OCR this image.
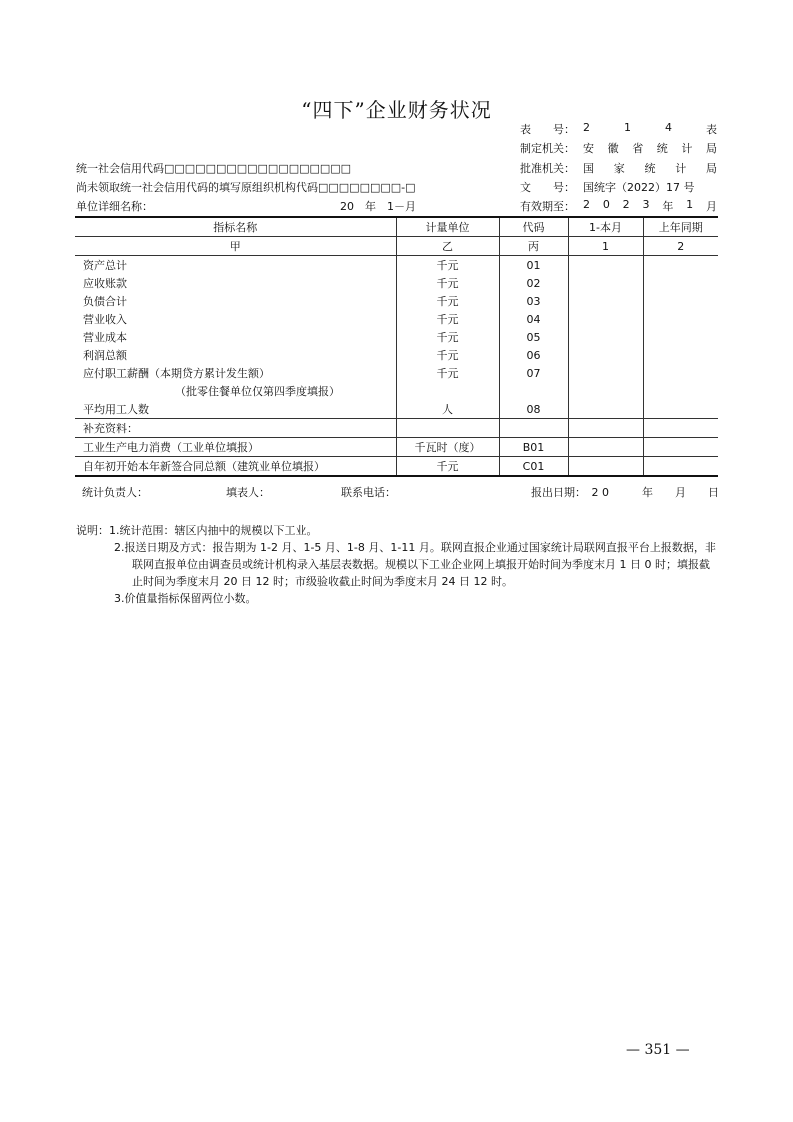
“四下”企业财务状况
表　　号： 2	1	4	表
制定机关： 安 徽 省 统 计 局
批准机关： 国 家 统 计 局
文　　号： 国统字（2022）17 号
有效期至： 2 0 2 3 年 1 月
统一社会信用代码□□□□□□□□□□□□□□□□□□
尚未领取统一社会信用代码的填写原组织机构代码□□□□□□□□-□
单位详细名称：	20　年　1－月
指标名称	计量单位	代码	1-本月	上年同期
甲	乙	丙	1	2
资产总计	千元	01		
应收账款	千元	02		
负债合计	千元	03		
营业收入	千元	04		
营业成本	千元	05		
利润总额	千元	06		
应付职工薪酬（本期贷方累计发生额）	千元	07		
（批零住餐单位仅第四季度填报）				
平均用工人数	人	08		
补充资料：				
工业生产电力消费（工业单位填报）	千瓦时（度）	B01		
自年初开始本年新签合同总额（建筑业单位填报）	千元	C01		
统计负责人：	填表人：	联系电话：	报出日期：　2 0　　　年　　月　　日
说明：1.统计范围：辖区内抽中的规模以下工业。
2.报送日期及方式：报告期为 1-2 月、1-5 月、1-8 月、1-11 月。联网直报企业通过国家统计局联网直报平台上报数据，非联网直报单位由调查员或统计机构录入基层表数据。规模以下工业企业网上填报开始时间为季度末月 1 日 0 时；填报截止时间为季度末月 20 日 12 时；市级验收截止时间为季度末月 24 日 12 时。
3.价值量指标保留两位小数。
— 351 —
